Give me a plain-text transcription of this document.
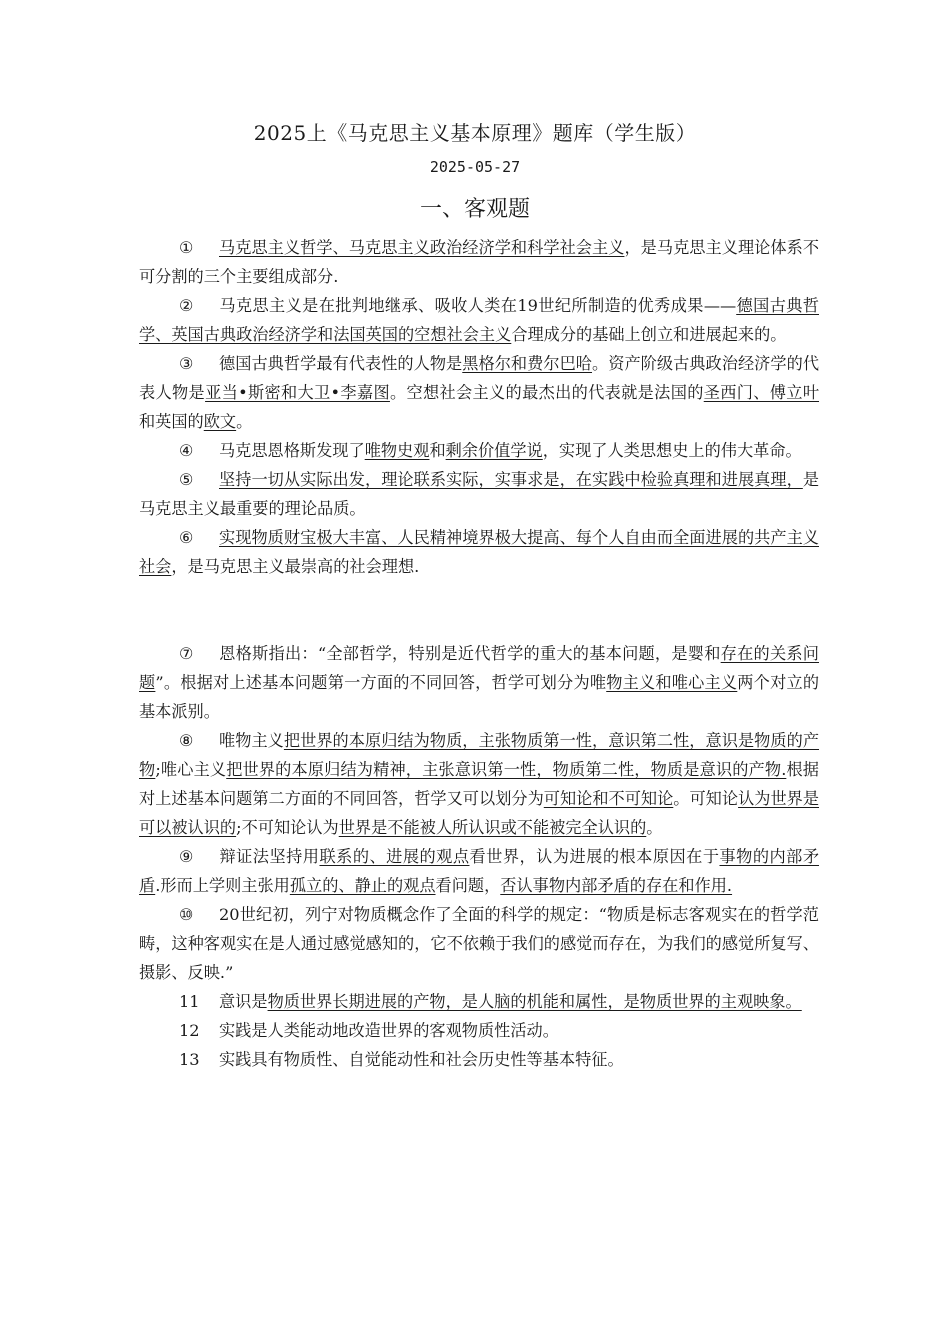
2025上《马克思主义基本原理》题库（学生版）
2025-05-27
一、客观题

① 马克思主义哲学、马克思主义政治经济学和科学社会主义，是马克思主义理论体系不可分割的三个主要组成部分.

② 马克思主义是在批判地继承、吸收人类在19世纪所制造的优秀成果——德国古典哲学、英国古典政治经济学和法国英国的空想社会主义合理成分的基础上创立和进展起来的。

③ 德国古典哲学最有代表性的人物是黑格尔和费尔巴哈。资产阶级古典政治经济学的代表人物是亚当•斯密和大卫•李嘉图。空想社会主义的最杰出的代表就是法国的圣西门、傅立叶和英国的欧文。

④ 马克思恩格斯发现了唯物史观和剩余价值学说，实现了人类思想史上的伟大革命。

⑤ 坚持一切从实际出发，理论联系实际，实事求是，在实践中检验真理和进展真理，是马克思主义最重要的理论品质。

⑥ 实现物质财宝极大丰富、人民精神境界极大提高、每个人自由而全面进展的共产主义社会，是马克思主义最崇高的社会理想.

⑦ 恩格斯指出：“全部哲学，特别是近代哲学的重大的基本问题，是婴和存在的关系问题”。根据对上述基本问题第一方面的不同回答，哲学可划分为唯物主义和唯心主义两个对立的基本派别。

⑧ 唯物主义把世界的本原归结为物质，主张物质第一性，意识第二性，意识是物质的产物;唯心主义把世界的本原归结为精神，主张意识第一性，物质第二性，物质是意识的产物.根据对上述基本问题第二方面的不同回答，哲学又可以划分为可知论和不可知论。可知论认为世界是可以被认识的;不可知论认为世界是不能被人所认识或不能被完全认识的。

⑨ 辩证法坚持用联系的、进展的观点看世界，认为进展的根本原因在于事物的内部矛盾.形而上学则主张用孤立的、静止的观点看问题，否认事物内部矛盾的存在和作用.

⑩ 20世纪初，列宁对物质概念作了全面的科学的规定：“物质是标志客观实在的哲学范畴，这种客观实在是人通过感觉感知的，它不依赖于我们的感觉而存在，为我们的感觉所复写、摄影、反映.”

11 意识是物质世界长期进展的产物，是人脑的机能和属性，是物质世界的主观映象。

12 实践是人类能动地改造世界的客观物质性活动。

13 实践具有物质性、自觉能动性和社会历史性等基本特征。
